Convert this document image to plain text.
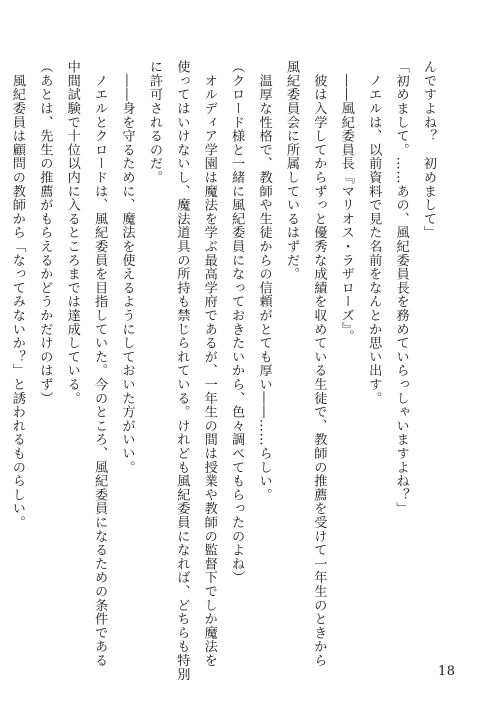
んですよね？　初めまして」
「初めまして。……あの、風紀委員長を務めていらっしゃいますよね？」
　ノエルは、以前資料で見た名前をなんとか思い出す。
　――風紀委員長『マリオス・ラザローズ』。
　彼は入学してからずっと優秀な成績を収めている生徒で、教師の推薦を受けて一年生のときから
風紀委員会に所属しているはずだ。
　温厚な性格で、教師や生徒からの信頼がとても厚い――……らしい。
（クロード様と一緒に風紀委員になっておきたいから、色々調べてもらったのよね）
　オルディア学園は魔法を学ぶ最高学府であるが、一年生の間は授業や教師の監督下でしか魔法を
使ってはいけないし、魔法道具の所持も禁じられている。けれども風紀委員になれば、どちらも特別
に許可されるのだ。
　――身を守るために、魔法を使えるようにしておいた方がいい。
　ノエルとクロードは、風紀委員を目指していた。今のところ、風紀委員になるための条件である
中間試験で十位以内に入るところまでは達成している。
（あとは、先生の推薦がもらえるかどうかだけのはず）
　風紀委員は顧問の教師から「なってみないか？」と誘われるものらしい。
18
